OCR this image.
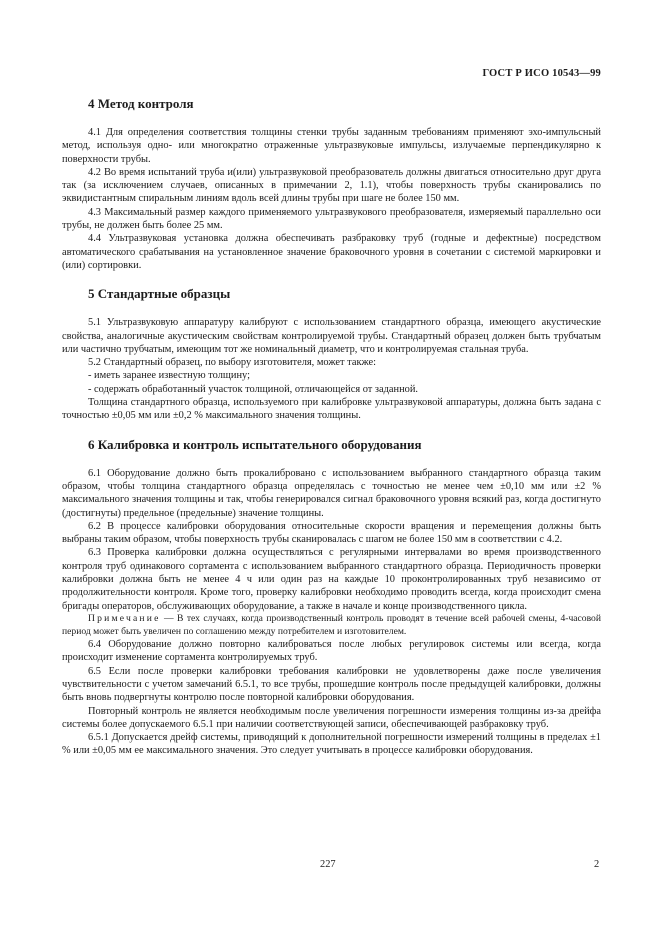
ГОСТ Р ИСО 10543—99
4 Метод контроля

4.1 Для определения соответствия толщины стенки трубы заданным требованиям применяют эхо-импульсный метод, используя одно- или многократно отраженные ультразвуковые импульсы, излучаемые перпендикулярно к поверхности трубы.

4.2 Во время испытаний труба и(или) ультразвуковой преобразователь должны двигаться относительно друг друга так (за исключением случаев, описанных в примечании 2, 1.1), чтобы поверхность трубы сканировались по эквидистантным спиральным линиям вдоль всей длины трубы при шаге не более 150 мм.

4.3 Максимальный размер каждого применяемого ультразвукового преобразователя, измеряемый параллельно оси трубы, не должен быть более 25 мм.

4.4 Ультразвуковая установка должна обеспечивать разбраковку труб (годные и дефектные) посредством автоматического срабатывания на установленное значение браковочного уровня в сочетании с системой маркировки и (или) сортировки.

5 Стандартные образцы

5.1 Ультразвуковую аппаратуру калибруют с использованием стандартного образца, имеющего акустические свойства, аналогичные акустическим свойствам контролируемой трубы. Стандартный образец должен быть трубчатым или частично трубчатым, имеющим тот же номинальный диаметр, что и контролируемая стальная труба.

5.2 Стандартный образец, по выбору изготовителя, может также:

- иметь заранее известную толщину;

- содержать обработанный участок толщиной, отличающейся от заданной.

Толщина стандартного образца, используемого при калибровке ультразвуковой аппаратуры, должна быть задана с точностью ±0,05 мм или ±0,2 % максимального значения толщины.

6 Калибровка и контроль испытательного оборудования

6.1 Оборудование должно быть прокалибровано с использованием выбранного стандартного образца таким образом, чтобы толщина стандартного образца определялась с точностью не менее чем ±0,10 мм или ±2 % максимального значения толщины и так, чтобы генерировался сигнал браковочного уровня всякий раз, когда достигнуто (достигнуты) предельное (предельные) значение толщины.

6.2 В процессе калибровки оборудования относительные скорости вращения и перемещения должны быть выбраны таким образом, чтобы поверхность трубы сканировалась с шагом не более 150 мм в соответствии с 4.2.

6.3 Проверка калибровки должна осуществляться с регулярными интервалами во время производственного контроля труб одинакового сортамента с использованием выбранного стандартного образца. Периодичность проверки калибровки должна быть не менее 4 ч или один раз на каждые 10 проконтролированных труб независимо от продолжительности контроля. Кроме того, проверку калибровки необходимо проводить всегда, когда происходит смена бригады операторов, обслуживающих оборудование, а также в начале и конце производственного цикла.

Примечание — В тех случаях, когда производственный контроль проводят в течение всей рабочей смены, 4-часовой период может быть увеличен по соглашению между потребителем и изготовителем.

6.4 Оборудование должно повторно калиброваться после любых регулировок системы или всегда, когда происходит изменение сортамента контролируемых труб.

6.5 Если после проверки калибровки требования калибровки не удовлетворены даже после увеличения чувствительности с учетом замечаний 6.5.1, то все трубы, прошедшие контроль после предыдущей калибровки, должны быть вновь подвергнуты контролю после повторной калибровки оборудования.

Повторный контроль не является необходимым после увеличения погрешности измерения толщины из-за дрейфа системы более допускаемого 6.5.1 при наличии соответствующей записи, обеспечивающей разбраковку труб.

6.5.1 Допускается дрейф системы, приводящий к дополнительной погрешности измерений толщины в пределах ±1 % или ±0,05 мм ее максимального значения. Это следует учитывать в процессе калибровки оборудования.

227	2
